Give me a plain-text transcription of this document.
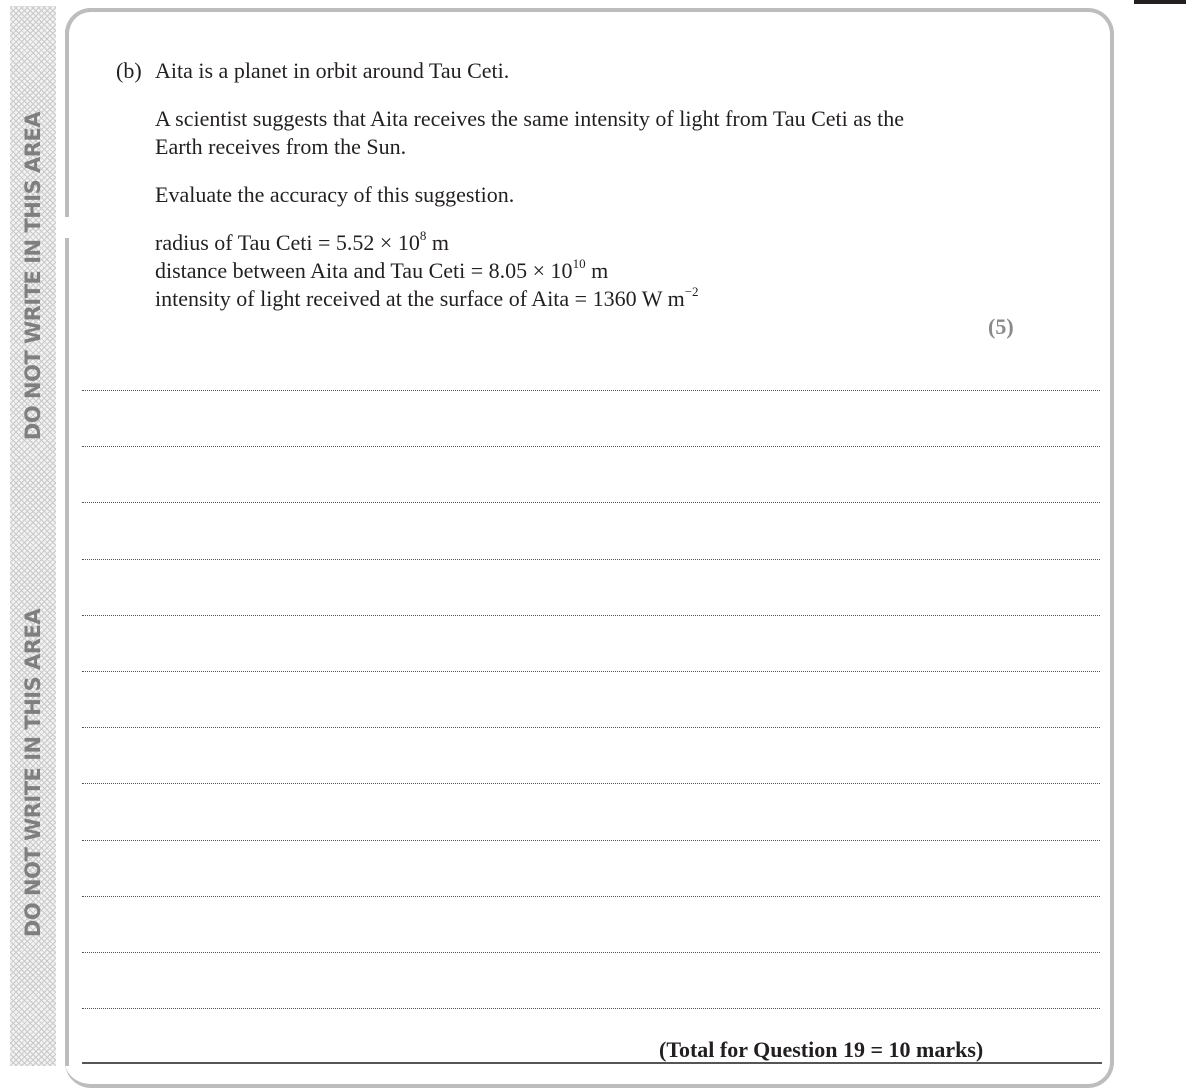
DO NOT WRITE IN THIS AREA
DO NOT WRITE IN THIS AREA
(b) Aita is a planet in orbit around Tau Ceti.
A scientist suggests that Aita receives the same intensity of light from Tau Ceti as the Earth receives from the Sun.
Evaluate the accuracy of this suggestion.
radius of Tau Ceti = $5.52 \times 10^8$ m
distance between Aita and Tau Ceti = $8.05 \times 10^{10}$ m
intensity of light received at the surface of Aita = 1360 W $m^{-2}$
(5)
(Total for Question 19 = 10 marks)
